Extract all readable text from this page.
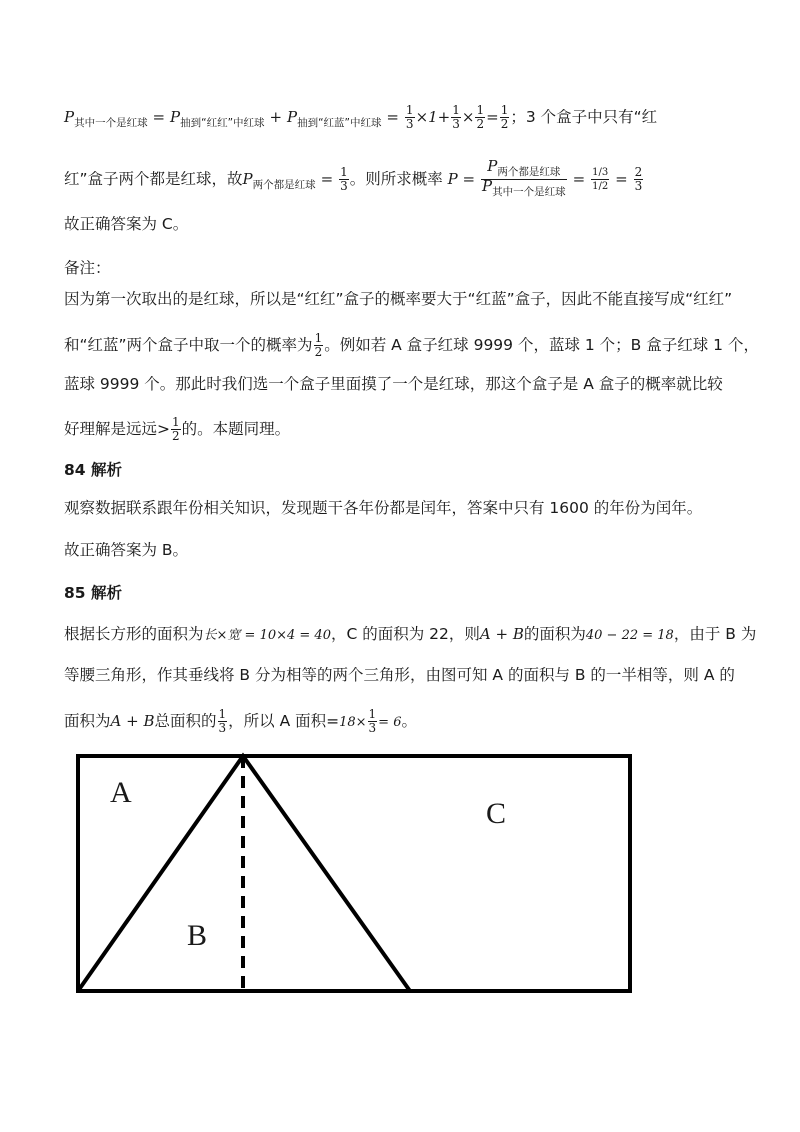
$P_{其中一个是红球} = P_{抽到“红红”中红球} + P_{抽到“红蓝”中红球} = \frac{1}{3} \times 1+ \frac{1}{3} \times \frac{1}{2} = \frac{1}{2}$ ；3 个盒子中只有“红
红”盒子两个都是红球，故$P_{两个都是红球} = \frac{1}{3}$ 。则所求概率 $P = \frac{P_{两个都是红球}}{P_{其中一个是红球}} = \frac{1/3}{1/2} = \frac{2}{3}$
故正确答案为 C。
备注：
因为第一次取出的是红球，所以是“红红”盒子的概率要大于“红蓝”盒子，因此不能直接写成“红红”
和“红蓝”两个盒子中取一个的概率为 $\frac{1}{2}$ 。例如若 A 盒子红球 9999 个，蓝球 1 个；B 盒子红球 1 个，
蓝球 9999 个。那此时我们选一个盒子里面摸了一个是红球，那这个盒子是 A 盒子的概率就比较
好理解是远远> $\frac{1}{2}$ 的。本题同理。
84 解析
观察数据联系跟年份相关知识，发现题干各年份都是闰年，答案中只有 1600 的年份为闰年。
故正确答案为 B。
85 解析
根据长方形的面积为长×宽 = 10×4 = 40，C 的面积为 22，则A + B的面积为40 − 22 = 18，由于 B 为
等腰三角形，作其垂线将 B 分为相等的两个三角形，由图可知 A 的面积与 B 的一半相等，则 A 的
面积为A + B总面积的 $\frac{1}{3}$ ，所以 A 面积$=18\times \frac{1}{3} = 6$。
A
B
C
